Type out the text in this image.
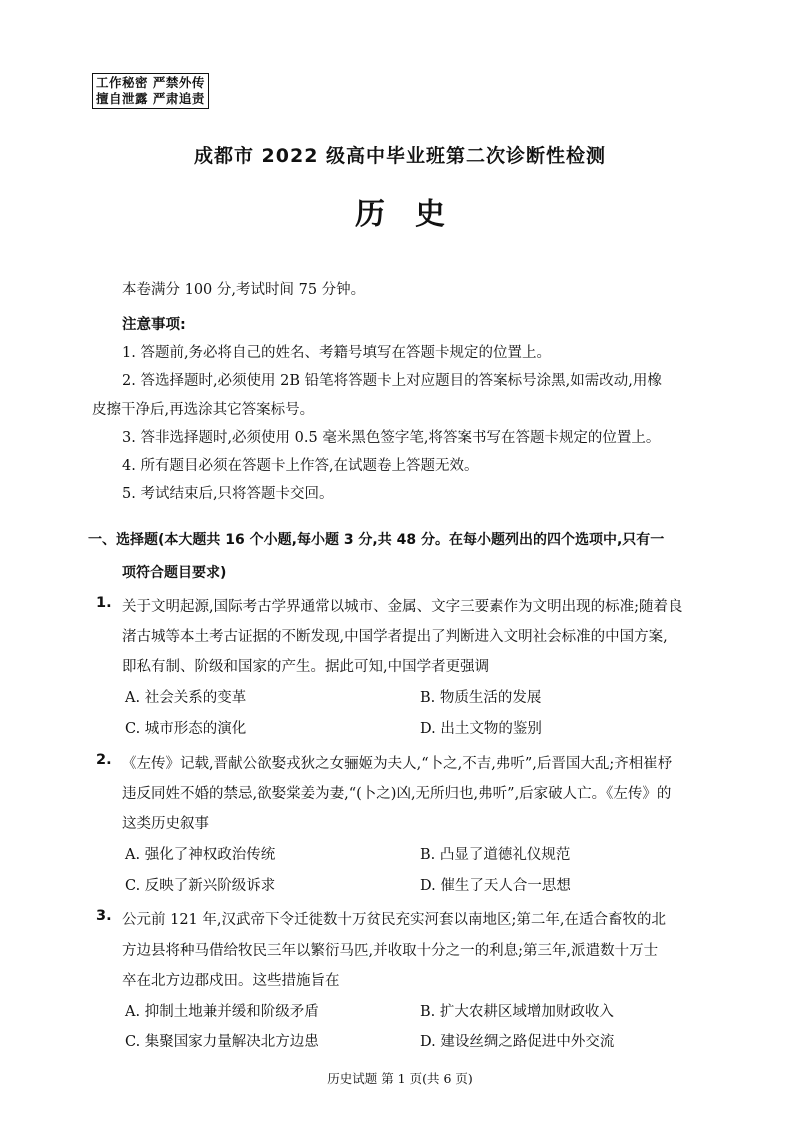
工作秘密 严禁外传
擅自泄露 严肃追责
成都市 2022 级高中毕业班第二次诊断性检测
历史
本卷满分 100 分,考试时间 75 分钟。
注意事项:
1. 答题前,务必将自己的姓名、考籍号填写在答题卡规定的位置上。
2. 答选择题时,必须使用 2B 铅笔将答题卡上对应题目的答案标号涂黑,如需改动,用橡
皮擦干净后,再选涂其它答案标号。
3. 答非选择题时,必须使用 0.5 毫米黑色签字笔,将答案书写在答题卡规定的位置上。
4. 所有题目必须在答题卡上作答,在试题卷上答题无效。
5. 考试结束后,只将答题卡交回。
一、选择题(本大题共 16 个小题,每小题 3 分,共 48 分。在每小题列出的四个选项中,只有一
项符合题目要求)
1. 关于文明起源,国际考古学界通常以城市、金属、文字三要素作为文明出现的标准;随着良
渚古城等本土考古证据的不断发现,中国学者提出了判断进入文明社会标准的中国方案,
即私有制、阶级和国家的产生。据此可知,中国学者更强调
A. 社会关系的变革	B. 物质生活的发展
C. 城市形态的演化	D. 出土文物的鉴别
2. 《左传》记载,晋献公欲娶戎狄之女骊姬为夫人,“卜之,不吉,弗听”,后晋国大乱;齐相崔杼
违反同姓不婚的禁忌,欲娶棠姜为妻,“(卜之)凶,无所归也,弗听”,后家破人亡。《左传》的
这类历史叙事
A. 强化了神权政治传统	B. 凸显了道德礼仪规范
C. 反映了新兴阶级诉求	D. 催生了天人合一思想
3. 公元前 121 年,汉武帝下令迁徙数十万贫民充实河套以南地区;第二年,在适合畜牧的北
方边县将种马借给牧民三年以繁衍马匹,并收取十分之一的利息;第三年,派遣数十万士
卒在北方边郡戍田。这些措施旨在
A. 抑制土地兼并缓和阶级矛盾	B. 扩大农耕区域增加财政收入
C. 集聚国家力量解决北方边患	D. 建设丝绸之路促进中外交流
历史试题 第 1 页(共 6 页)
